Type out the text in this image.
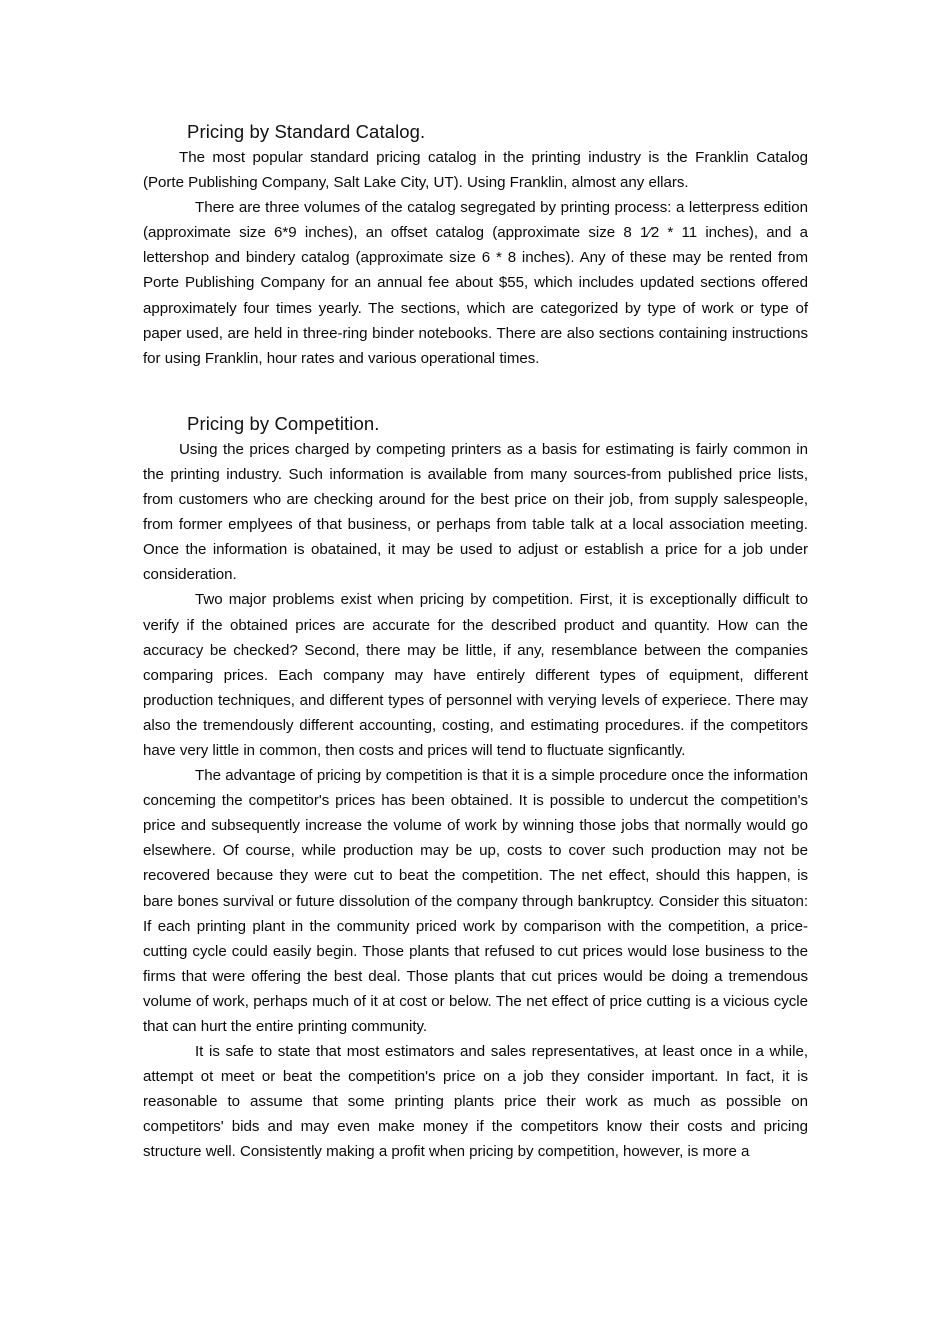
Pricing by Standard Catalog.

The most popular standard pricing catalog in the printing industry is the Franklin Catalog (Porte Publishing Company, Salt Lake City, UT). Using Franklin, almost any ellars.

There are three volumes of the catalog segregated by printing process: a letterpress edition (approximate size 6*9 inches), an offset catalog (approximate size 8 1⁄2 * 11 inches), and a lettershop and bindery catalog (approximate size 6 * 8 inches). Any of these may be rented from Porte Publishing Company for an annual fee about $55, which includes updated sections offered approximately four times yearly. The sections, which are categorized by type of work or type of paper used, are held in three-ring binder notebooks. There are also sections containing instructions for using Franklin, hour rates and various operational times.

Pricing by Competition.

Using the prices charged by competing printers as a basis for estimating is fairly common in the printing industry. Such information is available from many sources-from published price lists, from customers who are checking around for the best price on their job, from supply salespeople, from former emplyees of that business, or perhaps from table talk at a local association meeting. Once the information is obatained, it may be used to adjust or establish a price for a job under consideration.

Two major problems exist when pricing by competition. First, it is exceptionally difficult to verify if the obtained prices are accurate for the described product and quantity. How can the accuracy be checked? Second, there may be little, if any, resemblance between the companies comparing prices. Each company may have entirely different types of equipment, different production techniques, and different types of personnel with verying levels of experiece. There may also the tremendously different accounting, costing, and estimating procedures. if the competitors have very little in common, then costs and prices will tend to fluctuate signficantly.

The advantage of pricing by competition is that it is a simple procedure once the information conceming the competitor's prices has been obtained. It is possible to undercut the competition's price and subsequently increase the volume of work by winning those jobs that normally would go elsewhere. Of course, while production may be up, costs to cover such production may not be recovered because they were cut to beat the competition. The net effect, should this happen, is bare bones survival or future dissolution of the company through bankruptcy. Consider this situaton: If each printing plant in the community priced work by comparison with the competition, a price-cutting cycle could easily begin. Those plants that refused to cut prices would lose business to the firms that were offering the best deal. Those plants that cut prices would be doing a tremendous volume of work, perhaps much of it at cost or below. The net effect of price cutting is a vicious cycle that can hurt the entire printing community.

It is safe to state that most estimators and sales representatives, at least once in a while, attempt ot meet or beat the competition's price on a job they consider important. In fact, it is reasonable to assume that some printing plants price their work as much as possible on competitors' bids and may even make money if the competitors know their costs and pricing structure well. Consistently making a profit when pricing by competition, however, is more a
